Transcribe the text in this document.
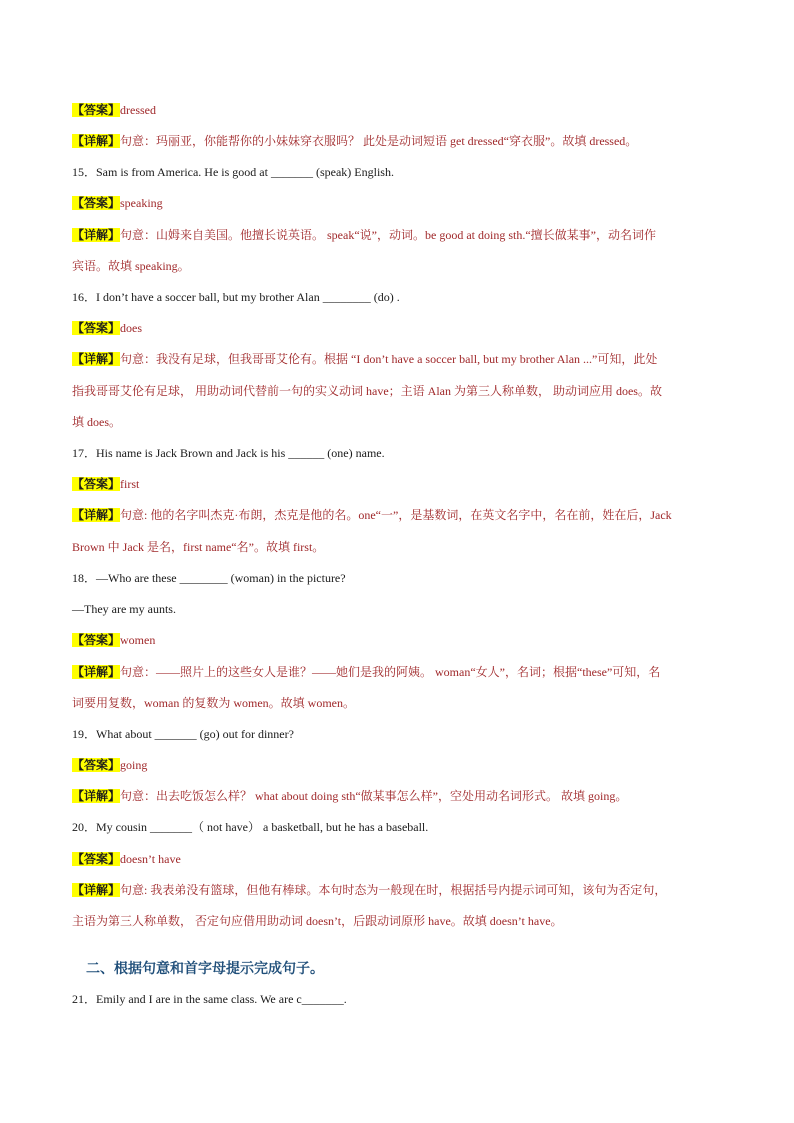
【答案】dressed
【详解】句意：玛丽亚，你能帮你的小妹妹穿衣服吗？ 此处是动词短语 get dressed“穿衣服”。故填 dressed。
15．Sam is from America. He is good at _______ (speak) English.
【答案】speaking
【详解】句意：山姆来自美国。他擅长说英语。 speak“说”，动词。be good at doing sth.“擅长做某事”，动名词作
宾语。故填 speaking。
16．I don’t have a soccer ball, but my brother Alan ________ (do) .
【答案】does
【详解】句意：我没有足球，但我哥哥艾伦有。根据 “I don’t have a soccer ball, but my brother Alan ...”可知，此处
指我哥哥艾伦有足球， 用助动词代替前一句的实义动词 have；主语 Alan 为第三人称单数， 助动词应用 does。故
填 does。
17．His name is Jack Brown and Jack is his ______ (one) name.
【答案】first
【详解】句意: 他的名字叫杰克·布朗，杰克是他的名。one“一”，是基数词，在英文名字中，名在前，姓在后，Jack
Brown 中 Jack 是名，first name“名”。故填 first。
18．—Who are these ________ (woman) in the picture?
—They are my aunts.
【答案】women
【详解】句意：——照片上的这些女人是谁？——她们是我的阿姨。 woman“女人”，名词；根据“these”可知，名
词要用复数，woman 的复数为 women。故填 women。
19．What about _______ (go) out for dinner?
【答案】going
【详解】句意：出去吃饭怎么样？ what about doing sth“做某事怎么样”，空处用动名词形式。 故填 going。
20．My cousin _______（ not have） a basketball, but he has a baseball.
【答案】doesn’t have
【详解】句意: 我表弟没有篮球，但他有棒球。本句时态为一般现在时，根据括号内提示词可知，该句为否定句，
主语为第三人称单数， 否定句应借用助动词 doesn’t，后跟动词原形 have。故填 doesn’t have。
二、根据句意和首字母提示完成句子。
21．Emily and I are in the same class. We are c_______.
